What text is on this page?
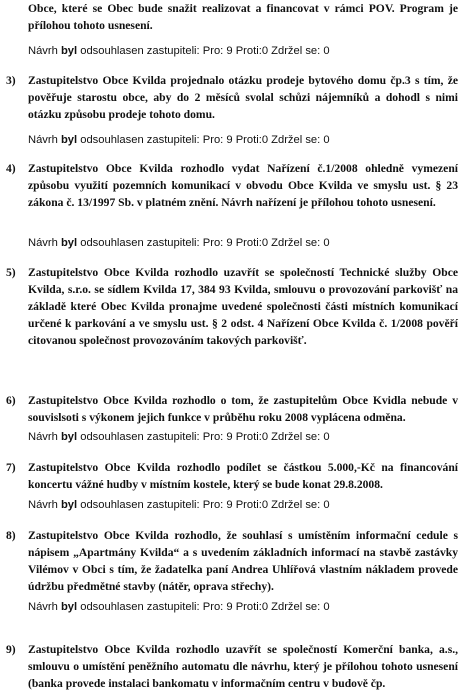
Obce, které se Obec bude snažit realizovat a financovat v rámci POV. Program je přílohou tohoto usnesení.

Návrh byl odsouhlasen zastupiteli: Pro: 9 Proti:0 Zdržel se: 0
3) Zastupitelstvo Obce Kvilda projednalo otázku prodeje bytového domu čp.3 s tím, že pověřuje starostu obce, aby do 2 měsíců svolal schůzi nájemníků a dohodl s nimi otázku způsobu prodeje tohoto domu.

Návrh byl odsouhlasen zastupiteli: Pro: 9 Proti:0 Zdržel se: 0
4) Zastupitelstvo Obce Kvilda rozhodlo vydat Nařízení č.1/2008 ohledně vymezení způsobu využití pozemních komunikací v obvodu Obce Kvilda ve smyslu ust. § 23 zákona č. 13/1997 Sb. v platném znění. Návrh nařízení je přílohou tohoto usnesení.

Návrh byl odsouhlasen zastupiteli: Pro: 9 Proti:0 Zdržel se: 0
5) Zastupitelstvo Obce Kvilda rozhodlo uzavřít se společností Technické služby Obce Kvilda, s.r.o. se sídlem Kvilda 17, 384 93 Kvilda, smlouvu o provozování parkovišť na základě které Obec Kvilda pronajme uvedené společnosti části místních komunikací určené k parkování a ve smyslu ust. § 2 odst. 4 Nařízení Obce Kvilda č. 1/2008 pověří citovanou společnost provozováním takových parkovišť.

6) Zastupitelstvo Obce Kvilda rozhodlo o tom, že zastupitelům Obce Kvidla nebude v souvislsoti s výkonem jejich funkce v průběhu roku 2008 vyplácena odměna.

Návrh byl odsouhlasen zastupiteli: Pro: 9 Proti:0 Zdržel se: 0
7) Zastupitelstvo Obce Kvilda rozhodlo podílet se částkou 5.000,-Kč na financování koncertu vážné hudby v místním kostele, který se bude konat 29.8.2008.

Návrh byl odsouhlasen zastupiteli: Pro: 9 Proti:0 Zdržel se: 0
8) Zastupitelstvo Obce Kvilda rozhodlo, že souhlasí s umístěním informační cedule s nápisem „Apartmány Kvilda“ a s uvedením základních informací na stavbě zastávky Vilémov v Obci s tím, že žadatelka paní Andrea Uhlířová vlastním nákladem provede údržbu předmětné stavby (nátěr, oprava střechy).

Návrh byl odsouhlasen zastupiteli: Pro: 9 Proti:0 Zdržel se: 0
9) Zastupitelstvo Obce Kvilda rozhodlo uzavřít se společností Komerční banka, a.s., smlouvu o umístění peněžního automatu dle návrhu, který je přílohou tohoto usnesení (banka provede instalaci bankomatu v informačním centru v budově čp.
